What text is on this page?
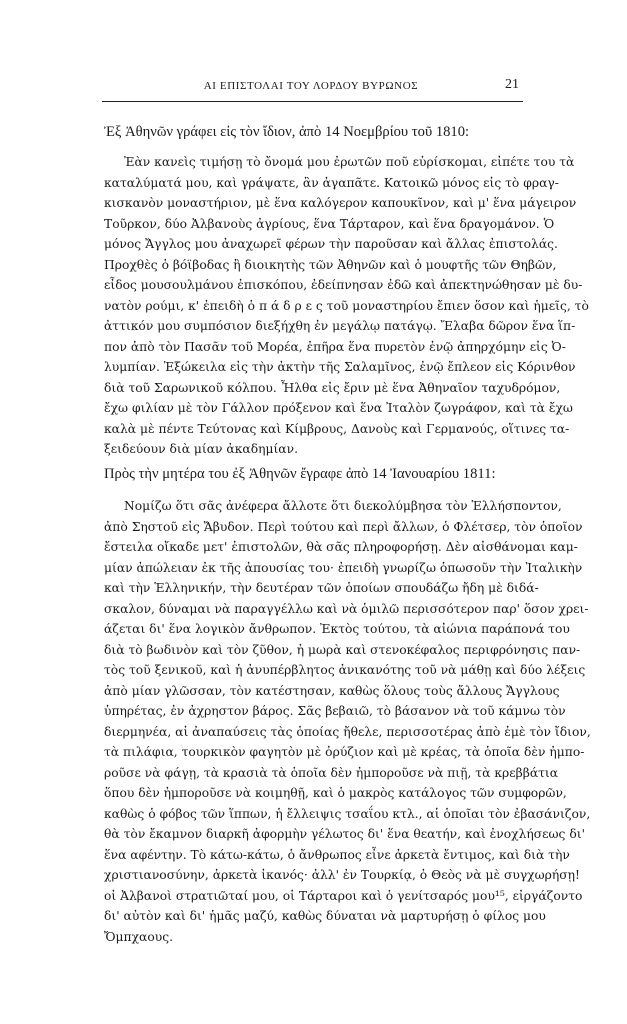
ΑΙ ΕΠΙΣΤΟΛΑΙ ΤΟΥ ΛΟΡΔΟΥ ΒΥΡΩΝΟΣ	21
Ἐξ Ἀθηνῶν γράφει εἰς τὸν ἴδιον, ἀπὸ 14 Νοεμβρίου τοῦ 1810:
Ἐὰν κανεὶς τιμήσῃ τὸ ὄνομά μου ἐρωτῶν ποῦ εὑρίσκομαι, εἰπέτε του τὰ
καταλύματά μου, καὶ γράψατε, ἂν ἀγαπᾶτε. Κατοικῶ μόνος εἰς τὸ φραγ-
κισκανὸν μοναστήριον, μὲ ἕνα καλόγερον καπουκῖνον, καὶ μ' ἕνα μάγειρον
Τοῦρκον, δύο Ἀλβανοὺς ἀγρίους, ἕνα Τάρταρον, καὶ ἕνα δραγομάνον. Ὁ
μόνος Ἄγγλος μου ἀναχωρεῖ φέρων τὴν παροῦσαν καὶ ἄλλας ἐπιστολάς.
Προχθὲς ὁ βόϊβοδας ἢ διοικητὴς τῶν Ἀθηνῶν καὶ ὁ μουφτῆς τῶν Θηβῶν,
εἶδος μουσουλμάνου ἐπισκόπου, ἐδείπνησαν ἐδῶ καὶ ἀπεκτηνώθησαν μὲ δυ-
νατὸν ρούμι, κ' ἐπειδὴ ὁ π ά δ ρ ε ς τοῦ μοναστηρίου ἔπιεν ὅσον καὶ ἡμεῖς, τὸ
ἀττικόν μου συμπόσιον διεξήχθη ἐν μεγάλῳ πατάγῳ. Ἔλαβα δῶρον ἕνα ἵπ-
πον ἀπὸ τὸν Πασᾶν τοῦ Μορέα, ἐπῆρα ἕνα πυρετὸν ἐνῷ ἀπηρχόμην εἰς Ὀ-
λυμπίαν. Ἐξώκειλα εἰς τὴν ἀκτὴν τῆς Σαλαμῖνος, ἐνῷ ἔπλεον εἰς Κόρινθον
διὰ τοῦ Σαρωνικοῦ κόλπου. Ἦλθα εἰς ἔριν μὲ ἕνα Ἀθηναῖον ταχυδρόμον,
ἔχω φιλίαν μὲ τὸν Γάλλον πρόξενον καὶ ἕνα Ἰταλὸν ζωγράφον, καὶ τὰ ἔχω
καλὰ μὲ πέντε Τεύτονας καὶ Κίμβρους, Δανοὺς καὶ Γερμανούς, οἵτινες τα-
ξειδεύουν διὰ μίαν ἀκαδημίαν.
Πρὸς τὴν μητέρα του ἐξ Ἀθηνῶν ἔγραφε ἀπὸ 14 Ἰανουαρίου 1811:
Νομίζω ὅτι σᾶς ἀνέφερα ἄλλοτε ὅτι διεκολύμβησα τὸν Ἑλλήσποντον,
ἀπὸ Σηστοῦ εἰς Ἄβυδον. Περὶ τούτου καὶ περὶ ἄλλων, ὁ Φλέτσερ, τὸν ὁποῖον
ἔστειλα οἴκαδε μετ' ἐπιστολῶν, θὰ σᾶς πληροφορήσῃ. Δὲν αἰσθάνομαι καμ-
μίαν ἀπώλειαν ἐκ τῆς ἀπουσίας του· ἐπειδὴ γνωρίζω ὁπωσοῦν τὴν Ἰταλικὴν
καὶ τὴν Ἑλληνικήν, τὴν δευτέραν τῶν ὁποίων σπουδάζω ἤδη μὲ διδά-
σκαλον, δύναμαι νὰ παραγγέλλω καὶ νὰ ὁμιλῶ περισσότερον παρ' ὅσον χρει-
άζεται δι' ἕνα λογικὸν ἄνθρωπον. Ἐκτὸς τούτου, τὰ αἰώνια παράπονά του
διὰ τὸ βωδινὸν καὶ τὸν ζῦθον, ἡ μωρὰ καὶ στενοκέφαλος περιφρόνησις παν-
τὸς τοῦ ξενικοῦ, καὶ ἡ ἀνυπέρβλητος ἀνικανότης τοῦ νὰ μάθῃ καὶ δύο λέξεις
ἀπὸ μίαν γλῶσσαν, τὸν κατέστησαν, καθὼς ὅλους τοὺς ἄλλους Ἄγγλους
ὑπηρέτας, ἐν ἀχρηστον βάρος. Σᾶς βεβαιῶ, τὸ βάσανον νὰ τοῦ κάμνω τὸν
διερμηνέα, αἱ ἀναπαύσεις τὰς ὁποίας ἤθελε, περισσοτέρας ἀπὸ ἐμὲ τὸν ἴδιον,
τὰ πιλάφια, τουρκικὸν φαγητὸν μὲ ὀρύζιον καὶ μὲ κρέας, τὰ ὁποῖα δὲν ἠμπο-
ροῦσε νὰ φάγῃ, τὰ κρασιὰ τὰ ὁποῖα δὲν ἠμποροῦσε νὰ πιῇ, τὰ κρεββάτια
ὅπου δὲν ἠμποροῦσε νὰ κοιμηθῇ, καὶ ὁ μακρὸς κατάλογος τῶν συμφορῶν,
καθὼς ὁ φόβος τῶν ἵππων, ἡ ἔλλειψις τσαΐου κτλ., αἱ ὁποῖαι τὸν ἐβασάνιζον,
θὰ τὸν ἔκαμνον διαρκῆ ἀφορμὴν γέλωτος δι' ἕνα θεατήν, καὶ ἐνοχλήσεως δι'
ἕνα αφέντην. Τὸ κάτω-κάτω, ὁ ἄνθρωπος εἶνε ἀρκετὰ ἔντιμος, καὶ διὰ τὴν
χριστιανοσύνην, ἀρκετὰ ἱκανός· ἀλλ' ἐν Τουρκίᾳ, ὁ Θεὸς νὰ μὲ συγχωρήσῃ!
οἱ Ἀλβανοὶ στρατιῶταί μου, οἱ Τάρταροι καὶ ὁ γενίτσαρός μου¹⁵, εἰργάζοντο
δι' αὐτὸν καὶ δι' ἡμᾶς μαζύ, καθὼς δύναται νὰ μαρτυρήσῃ ὁ φίλος μου
Ὄμπχαους.
